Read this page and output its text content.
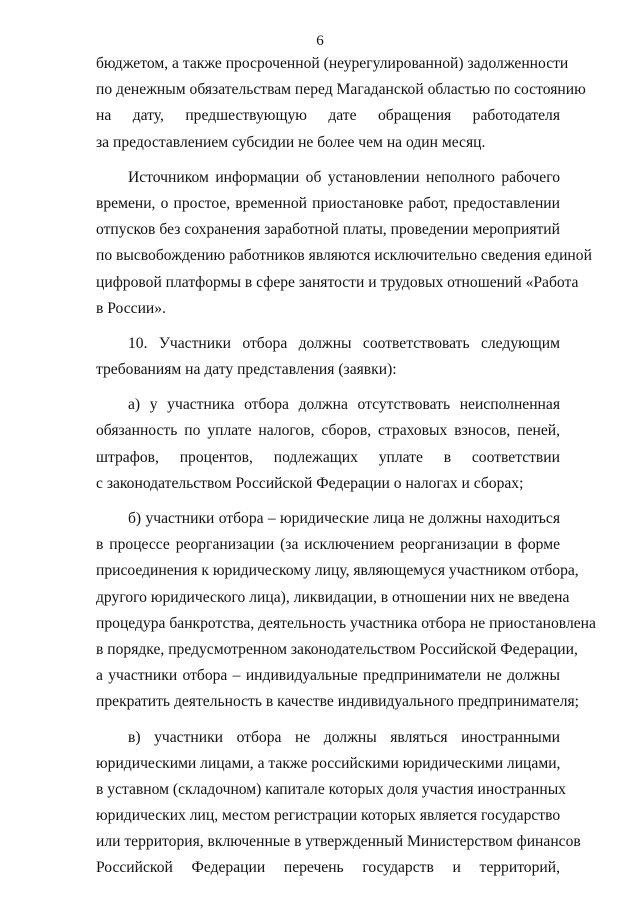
6
бюджетом, а также просроченной (неурегулированной) задолженности
по денежным обязательствам перед Магаданской областью по состоянию
на дату, предшествующую дате обращения работодателя
за предоставлением субсидии не более чем на один месяц.
Источником информации об установлении неполного рабочего
времени, о простое, временной приостановке работ, предоставлении
отпусков без сохранения заработной платы, проведении мероприятий
по высвобождению работников являются исключительно сведения единой
цифровой платформы в сфере занятости и трудовых отношений «Работа
в России».
10. Участники отбора должны соответствовать следующим
требованиям на дату представления (заявки):
а) у участника отбора должна отсутствовать неисполненная
обязанность по уплате налогов, сборов, страховых взносов, пеней,
штрафов, процентов, подлежащих уплате в соответствии
с законодательством Российской Федерации о налогах и сборах;
б) участники отбора – юридические лица не должны находиться
в процессе реорганизации (за исключением реорганизации в форме
присоединения к юридическому лицу, являющемуся участником отбора,
другого юридического лица), ликвидации, в отношении них не введена
процедура банкротства, деятельность участника отбора не приостановлена
в порядке, предусмотренном законодательством Российской Федерации,
а участники отбора – индивидуальные предприниматели не должны
прекратить деятельность в качестве индивидуального предпринимателя;
в) участники отбора не должны являться иностранными
юридическими лицами, а также российскими юридическими лицами,
в уставном (складочном) капитале которых доля участия иностранных
юридических лиц, местом регистрации которых является государство
или территория, включенные в утвержденный Министерством финансов
Российской Федерации перечень государств и территорий,
